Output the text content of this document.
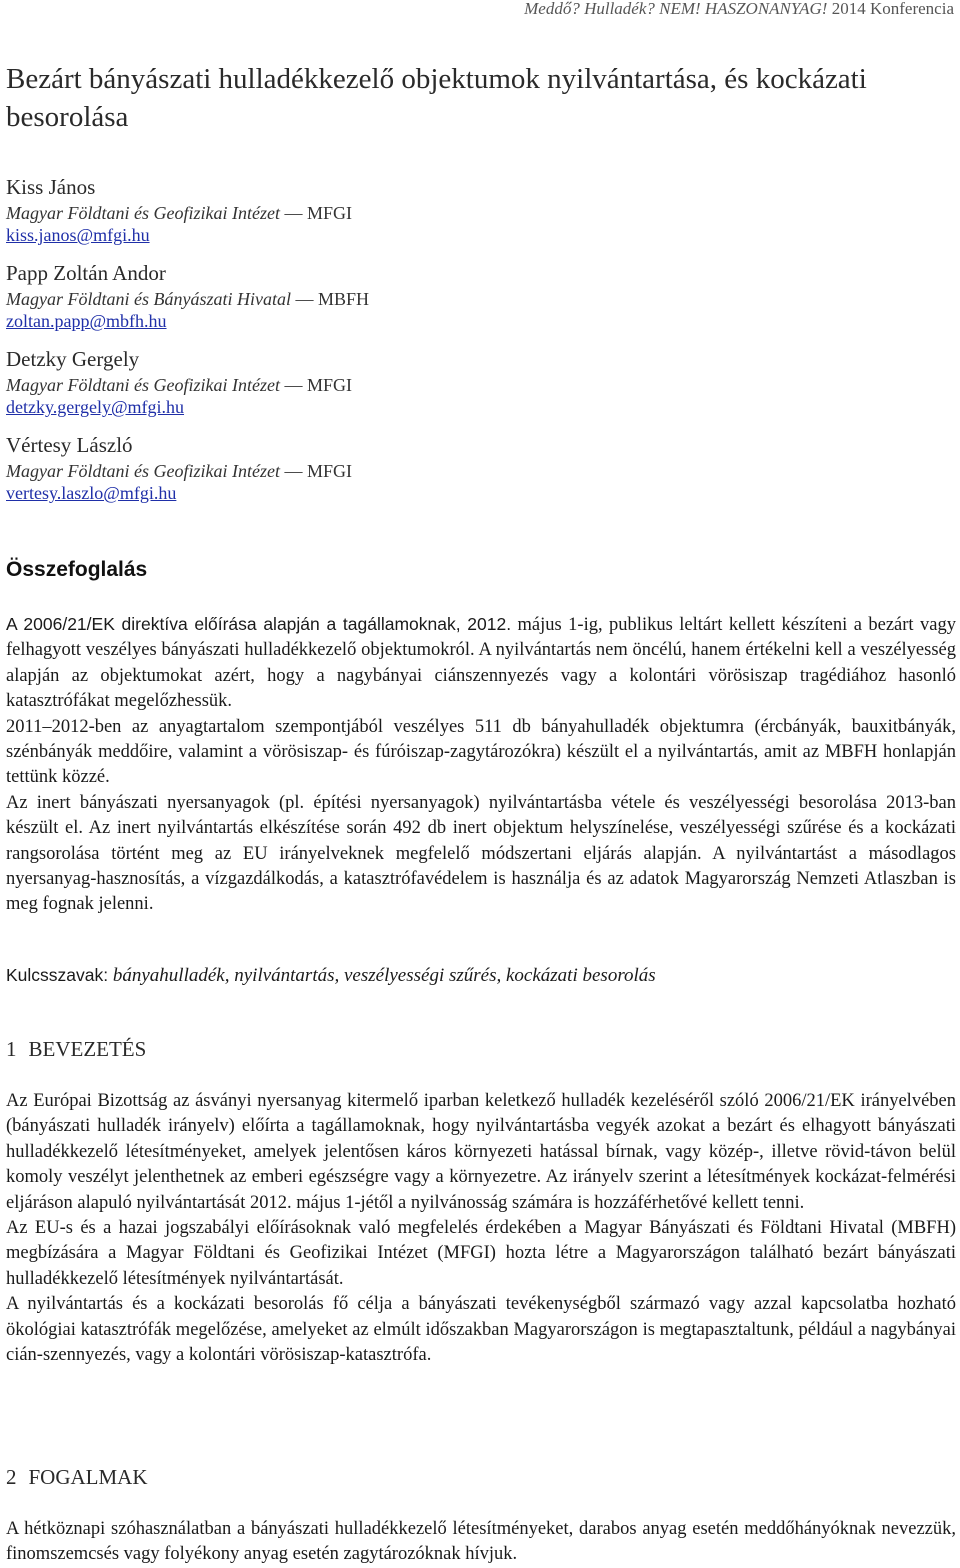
Meddő? Hulladék? NEM! HASZONANYAG! 2014 Konferencia
Bezárt bányászati hulladékkezelő objektumok nyilvántartása, és kockázati besorolása
Kiss János
Magyar Földtani és Geofizikai Intézet — MFGI
kiss.janos@mfgi.hu
Papp Zoltán Andor
Magyar Földtani és Bányászati Hivatal — MBFH
zoltan.papp@mbfh.hu
Detzky Gergely
Magyar Földtani és Geofizikai Intézet — MFGI
detzky.gergely@mfgi.hu
Vértesy László
Magyar Földtani és Geofizikai Intézet — MFGI
vertesy.laszlo@mfgi.hu
Összefoglalás

A 2006/21/EK direktíva előírása alapján a tagállamoknak, 2012. május 1-ig, publikus leltárt kellett készíteni a bezárt vagy felhagyott veszélyes bányászati hulladékkezelő objektumokról. A nyilvántartás nem öncélú, hanem értékelni kell a veszélyesség alapján az objektumokat azért, hogy a nagybányai ciánszennyezés vagy a kolontári vörösiszap tragédiához hasonló katasztrófákat megelőzhessük.

2011–2012-ben az anyagtartalom szempontjából veszélyes 511 db bányahulladék objektumra (ércbányák, bauxitbányák, szénbányák meddőire, valamint a vörösiszap- és fúróiszap-zagytározókra) készült el a nyilvántartás, amit az MBFH honlapján tettünk közzé.

Az inert bányászati nyersanyagok (pl. építési nyersanyagok) nyilvántartásba vétele és veszélyességi besorolása 2013-ban készült el. Az inert nyilvántartás elkészítése során 492 db inert objektum helyszínelése, veszélyességi szűrése és a kockázati rangsorolása történt meg az EU irányelveknek megfelelő módszertani eljárás alapján. A nyilvántartást a másodlagos nyersanyag-hasznosítás, a vízgazdálkodás, a katasztrófavédelem is használja és az adatok Magyarország Nemzeti Atlaszban is meg fognak jelenni.

Kulcsszavak: bányahulladék, nyilvántartás, veszélyességi szűrés, kockázati besorolás

1 BEVEZETÉS

Az Európai Bizottság az ásványi nyersanyag kitermelő iparban keletkező hulladék kezeléséről szóló 2006/21/EK irányelvében (bányászati hulladék irányelv) előírta a tagállamoknak, hogy nyilvántartásba vegyék azokat a bezárt és elhagyott bányászati hulladékkezelő létesítményeket, amelyek jelentősen káros környezeti hatással bírnak, vagy közép-, illetve rövid-távon belül komoly veszélyt jelenthetnek az emberi egészségre vagy a környezetre. Az irányelv szerint a létesítmények kockázat-felmérési eljáráson alapuló nyilvántartását 2012. május 1-jétől a nyilvánosság számára is hozzáférhetővé kellett tenni.

Az EU-s és a hazai jogszabályi előírásoknak való megfelelés érdekében a Magyar Bányászati és Földtani Hivatal (MBFH) megbízására a Magyar Földtani és Geofizikai Intézet (MFGI) hozta létre a Magyarországon található bezárt bányászati hulladékkezelő létesítmények nyilvántartását.

A nyilvántartás és a kockázati besorolás fő célja a bányászati tevékenységből származó vagy azzal kapcsolatba hozható ökológiai katasztrófák megelőzése, amelyeket az elmúlt időszakban Magyarországon is megtapasztaltunk, például a nagybányai cián-szennyezés, vagy a kolontári vörösiszap-katasztrófa.

2 FOGALMAK

A hétköznapi szóhasználatban a bányászati hulladékkezelő létesítményeket, darabos anyag esetén meddőhányóknak nevezzük, finomszemcsés vagy folyékony anyag esetén zagytározóknak hívjuk.
